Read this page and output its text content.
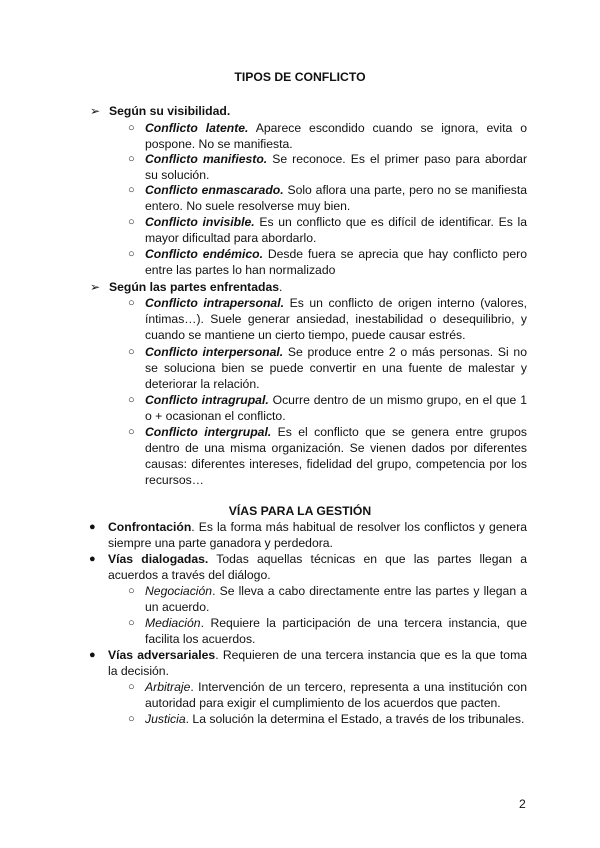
TIPOS DE CONFLICTO
➢ Según su visibilidad.
○ Conflicto latente. Aparece escondido cuando se ignora, evita o pospone. No se manifiesta.
○ Conflicto manifiesto. Se reconoce. Es el primer paso para abordar su solución.
○ Conflicto enmascarado. Solo aflora una parte, pero no se manifiesta entero. No suele resolverse muy bien.
○ Conflicto invisible. Es un conflicto que es difícil de identificar. Es la mayor dificultad para abordarlo.
○ Conflicto endémico. Desde fuera se aprecia que hay conflicto pero entre las partes lo han normalizado
➢ Según las partes enfrentadas.
○ Conflicto intrapersonal. Es un conflicto de origen interno (valores, íntimas…). Suele generar ansiedad, inestabilidad o desequilibrio, y cuando se mantiene un cierto tiempo, puede causar estrés.
○ Conflicto interpersonal. Se produce entre 2 o más personas. Si no se soluciona bien se puede convertir en una fuente de malestar y deteriorar la relación.
○ Conflicto intragrupal. Ocurre dentro de un mismo grupo, en el que 1 o + ocasionan el conflicto.
○ Conflicto intergrupal. Es el conflicto que se genera entre grupos dentro de una misma organización. Se vienen dados por diferentes causas: diferentes intereses, fidelidad del grupo, competencia por los recursos…
VÍAS PARA LA GESTIÓN
● Confrontación. Es la forma más habitual de resolver los conflictos y genera siempre una parte ganadora y perdedora.
● Vías dialogadas. Todas aquellas técnicas en que las partes llegan a acuerdos a través del diálogo.
○ Negociación. Se lleva a cabo directamente entre las partes y llegan a un acuerdo.
○ Mediación. Requiere la participación de una tercera instancia, que facilita los acuerdos.
● Vías adversariales. Requieren de una tercera instancia que es la que toma la decisión.
○ Arbitraje. Intervención de un tercero, representa a una institución con autoridad para exigir el cumplimiento de los acuerdos que pacten.
○ Justicia. La solución la determina el Estado, a través de los tribunales.
2
